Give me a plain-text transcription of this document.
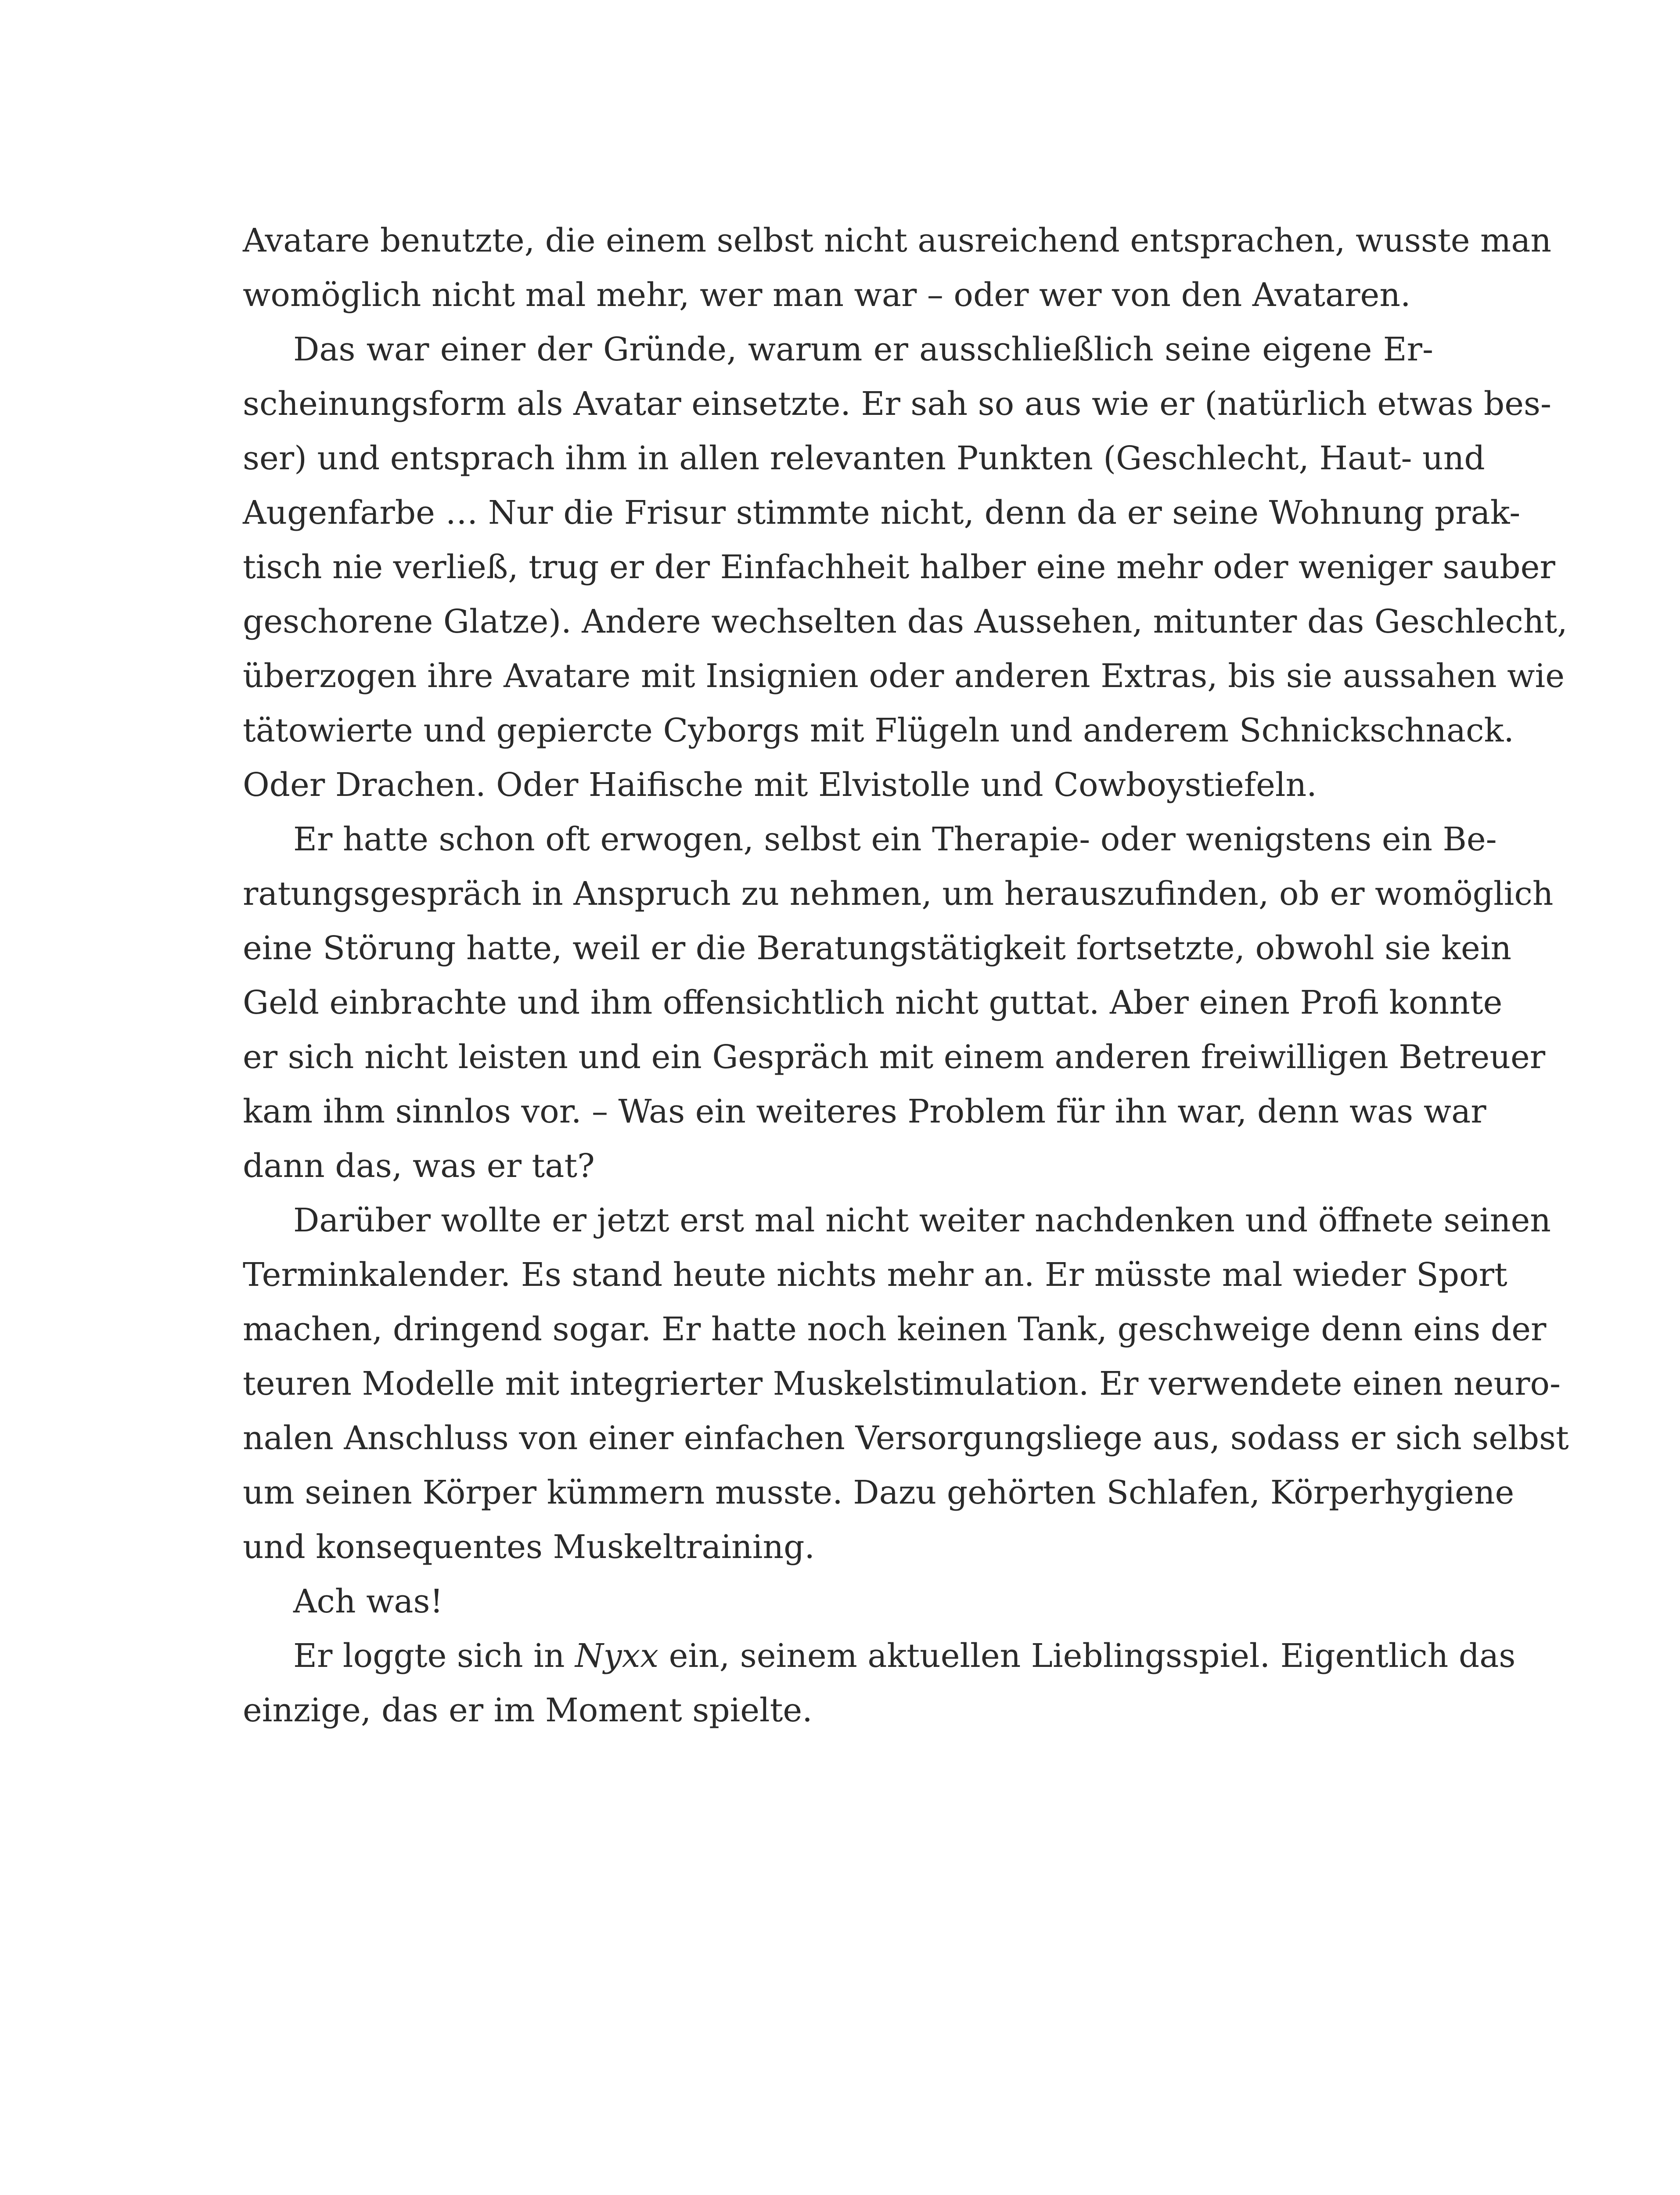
Avatare benutzte, die einem selbst nicht ausreichend entsprachen, wusste man
womöglich nicht mal mehr, wer man war – oder wer von den Avataren.
Das war einer der Gründe, warum er ausschließlich seine eigene Er-
scheinungsform als Avatar einsetzte. Er sah so aus wie er (natürlich etwas bes-
ser) und entsprach ihm in allen relevanten Punkten (Geschlecht, Haut- und
Augenfarbe … Nur die Frisur stimmte nicht, denn da er seine Wohnung prak-
tisch nie verließ, trug er der Einfachheit halber eine mehr oder weniger sauber
geschorene Glatze). Andere wechselten das Aussehen, mitunter das Geschlecht,
überzogen ihre Avatare mit Insignien oder anderen Extras, bis sie aussahen wie
tätowierte und gepiercte Cyborgs mit Flügeln und anderem Schnickschnack.
Oder Drachen. Oder Haifische mit Elvistolle und Cowboystiefeln.
Er hatte schon oft erwogen, selbst ein Therapie- oder wenigstens ein Be-
ratungsgespräch in Anspruch zu nehmen, um herauszufinden, ob er womöglich
eine Störung hatte, weil er die Beratungstätigkeit fortsetzte, obwohl sie kein
Geld einbrachte und ihm offensichtlich nicht guttat. Aber einen Profi konnte
er sich nicht leisten und ein Gespräch mit einem anderen freiwilligen Betreuer
kam ihm sinnlos vor. – Was ein weiteres Problem für ihn war, denn was war
dann das, was er tat?
Darüber wollte er jetzt erst mal nicht weiter nachdenken und öffnete seinen
Terminkalender. Es stand heute nichts mehr an. Er müsste mal wieder Sport
machen, dringend sogar. Er hatte noch keinen Tank, geschweige denn eins der
teuren Modelle mit integrierter Muskelstimulation. Er verwendete einen neuro-
nalen Anschluss von einer einfachen Versorgungsliege aus, sodass er sich selbst
um seinen Körper kümmern musste. Dazu gehörten Schlafen, Körperhygiene
und konsequentes Muskeltraining.
Ach was!
Er loggte sich in Nyxx ein, seinem aktuellen Lieblingsspiel. Eigentlich das
einzige, das er im Moment spielte.
